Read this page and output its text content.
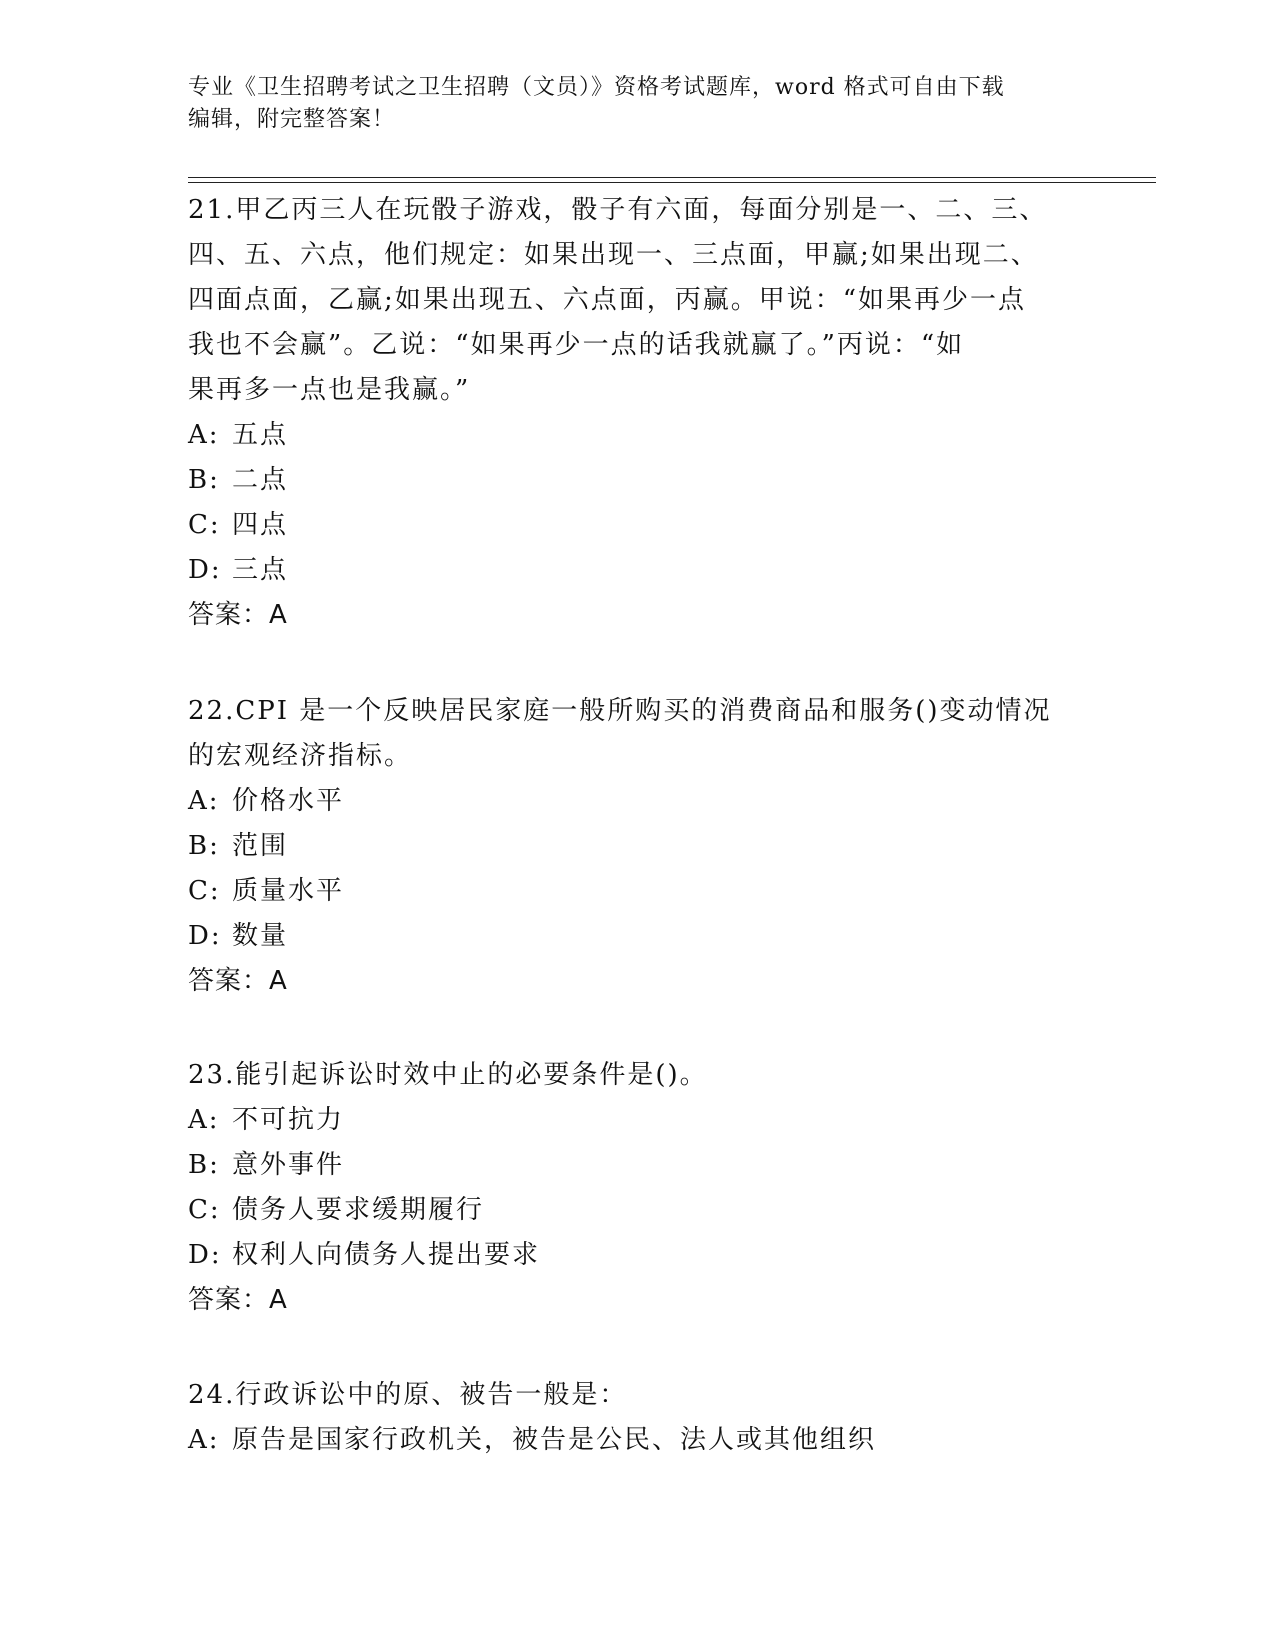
专业《卫生招聘考试之卫生招聘（文员）》资格考试题库，word 格式可自由下载
编辑，附完整答案！
21.甲乙丙三人在玩骰子游戏，骰子有六面，每面分别是一、二、三、
四、五、六点，他们规定：如果出现一、三点面，甲赢;如果出现二、
四面点面，乙赢;如果出现五、六点面，丙赢。甲说：“如果再少一点
我也不会赢”。乙说：“如果再少一点的话我就赢了。”丙说：“如
果再多一点也是我赢。”
A: 五点
B: 二点
C: 四点
D: 三点
答案：A
22.CPI 是一个反映居民家庭一般所购买的消费商品和服务()变动情况
的宏观经济指标。
A: 价格水平
B: 范围
C: 质量水平
D: 数量
答案：A
23.能引起诉讼时效中止的必要条件是()。
A: 不可抗力
B: 意外事件
C: 债务人要求缓期履行
D: 权利人向债务人提出要求
答案：A
24.行政诉讼中的原、被告一般是：
A: 原告是国家行政机关，被告是公民、法人或其他组织
